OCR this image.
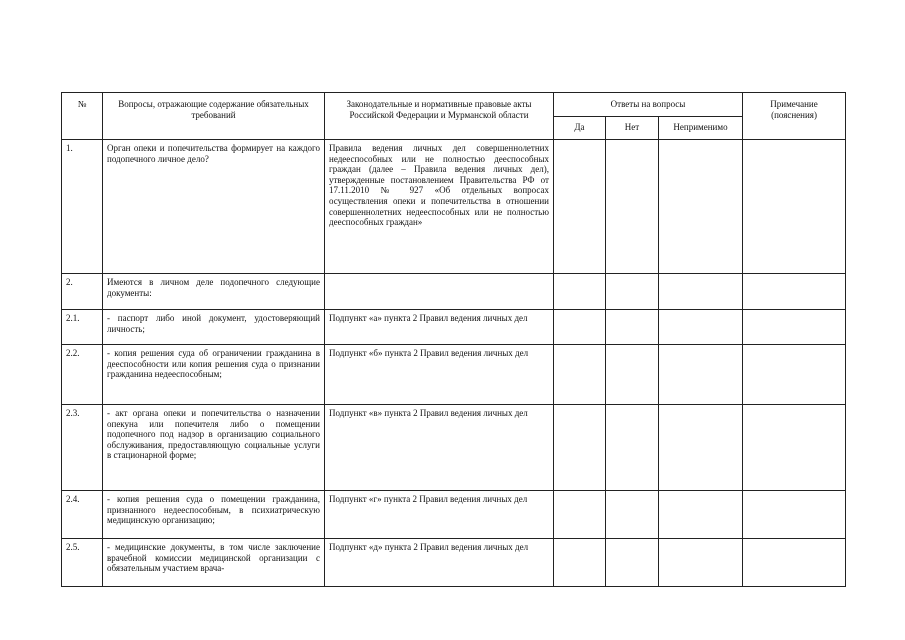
№	Вопросы, отражающие содержание обязательных требований	Законодательные и нормативные правовые акты Российской Федерации и Мурманской области	Ответы на вопросы			Примечание (пояснения)
			Да	Нет	Неприменимо	
1.	Орган опеки и попечительства формирует на каждого подопечного личное дело?	Правила ведения личных дел совершеннолетних недееспособных или не полностью дееспособных граждан (далее – Правила ведения личных дел), утвержденные постановлением Правительства РФ от 17.11.2010 № 927 «Об отдельных вопросах осуществления опеки и попечительства в отношении совершеннолетних недееспособных или не полностью дееспособных граждан»				
2.	Имеются в личном деле подопечного следующие документы:					
2.1.	- паспорт либо иной документ, удостоверяющий личность;	Подпункт «а» пункта 2 Правил ведения личных дел				
2.2.	- копия решения суда об ограничении гражданина в дееспособности или копия решения суда о признании гражданина недееспособным;	Подпункт «б» пункта 2 Правил ведения личных дел				
2.3.	- акт органа опеки и попечительства о назначении опекуна или попечителя либо о помещении подопечного под надзор в организацию социального обслуживания, предоставляющую социальные услуги в стационарной форме;	Подпункт «в» пункта 2 Правил ведения личных дел				
2.4.	- копия решения суда о помещении гражданина, признанного недееспособным, в психиатрическую медицинскую организацию;	Подпункт «г» пункта 2 Правил ведения личных дел				
2.5.	- медицинские документы, в том числе заключение врачебной комиссии медицинской организации с обязательным участием врача-	Подпункт «д» пункта 2 Правил ведения личных дел				
